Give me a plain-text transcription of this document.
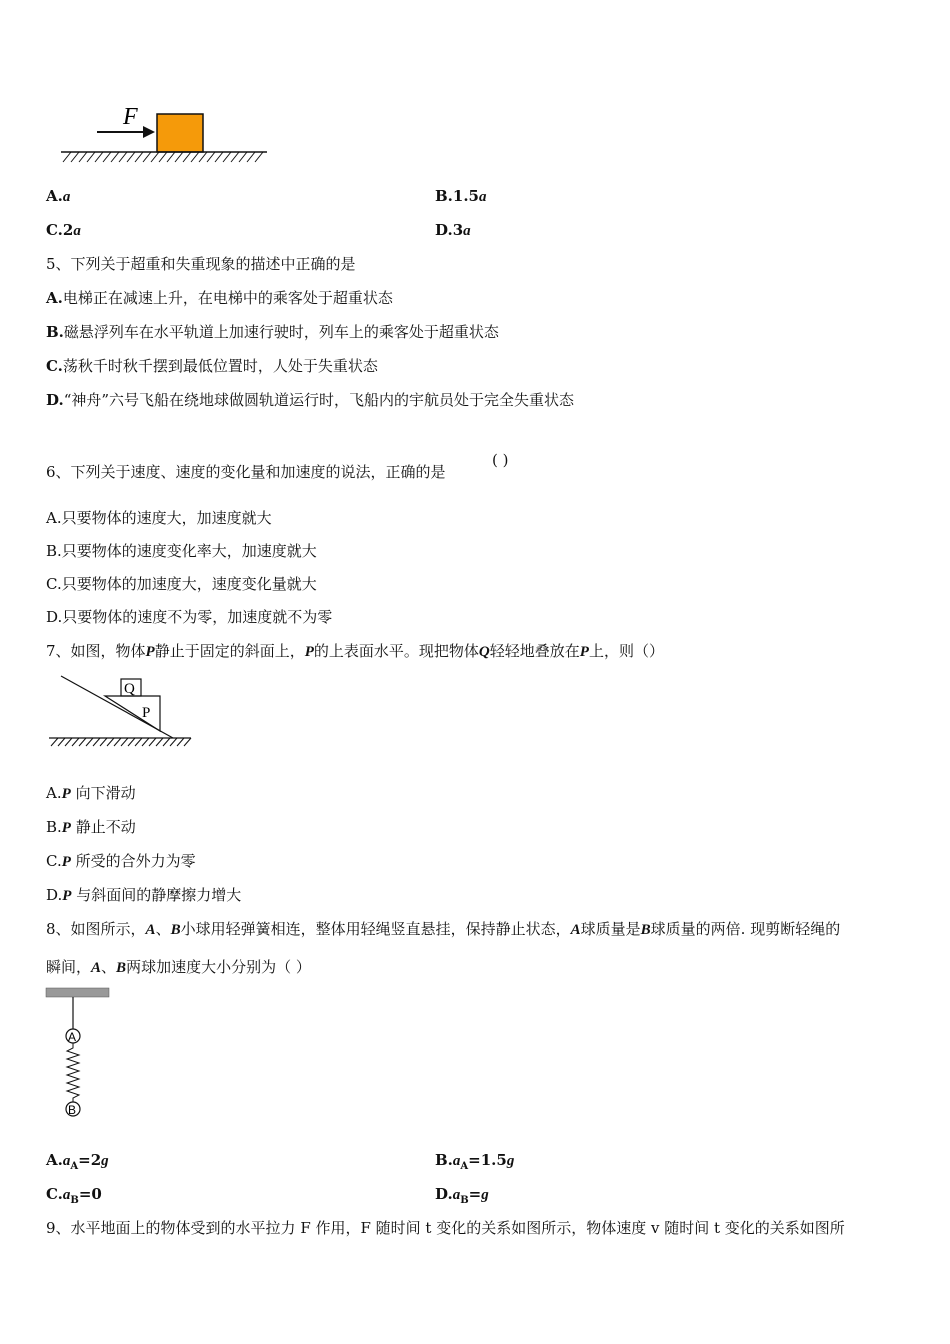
F
A.a	B.1.5a
C.2a	D.3a
5、下列关于超重和失重现象的描述中正确的是
A.电梯正在减速上升，在电梯中的乘客处于超重状态
B.磁悬浮列车在水平轨道上加速行驶时，列车上的乘客处于超重状态
C.荡秋千时秋千摆到最低位置时，人处于失重状态
D.“神舟”六号飞船在绕地球做圆轨道运行时，飞船内的宇航员处于完全失重状态
6、下列关于速度、速度的变化量和加速度的说法，正确的是
( )
A.只要物体的速度大，加速度就大
B.只要物体的速度变化率大，加速度就大
C.只要物体的加速度大，速度变化量就大
D.只要物体的速度不为零，加速度就不为零
7、如图，物体P静止于固定的斜面上，P的上表面水平。现把物体Q轻轻地叠放在P上，则（）
Q
P
A.P 向下滑动
B.P 静止不动
C.P 所受的合外力为零
D.P 与斜面间的静摩擦力增大
8、如图所示，A、B小球用轻弹簧相连，整体用轻绳竖直悬挂，保持静止状态，A球质量是B球质量的两倍. 现剪断轻绳的
瞬间，A、B两球加速度大小分别为（ ）
A
B
$A.a_A=2g$	$B.a_A=1.5g$
$C.a_B=0$	$D.a_B=g$
9、水平地面上的物体受到的水平拉力 F 作用，F 随时间 t 变化的关系如图所示，物体速度 v 随时间 t 变化的关系如图所
